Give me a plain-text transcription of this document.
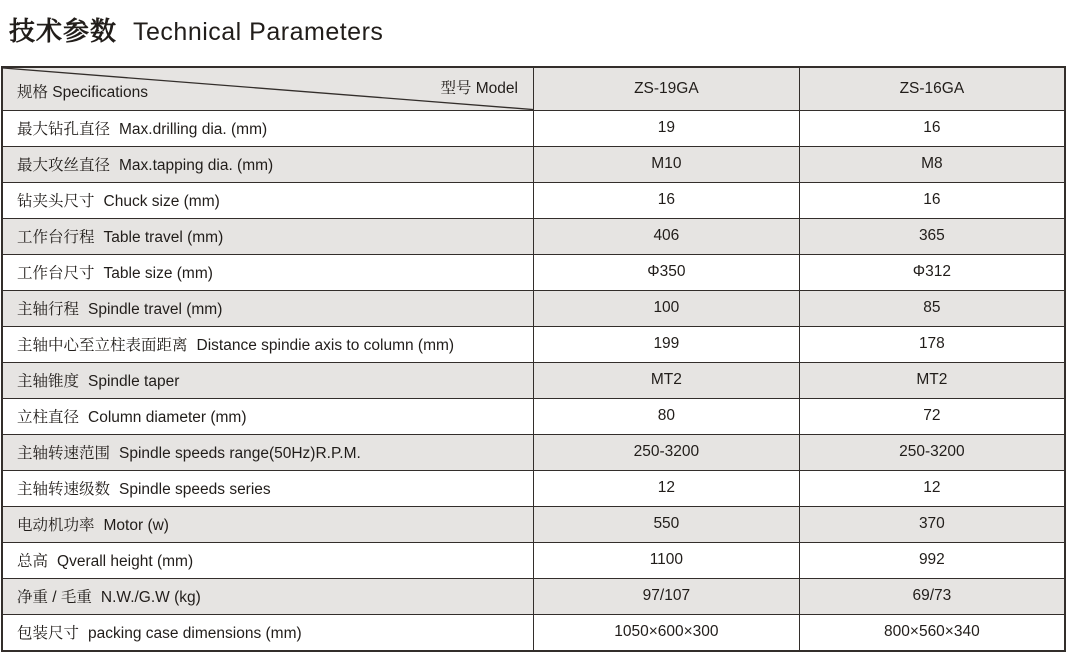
技术参数 Technical Parameters
规格 Specifications 型号 Model	ZS-19GA	ZS-16GA
最大钻孔直径 Max.drilling dia. (mm)	19	16
最大攻丝直径 Max.tapping dia. (mm)	M10	M8
钻夹头尺寸 Chuck size (mm)	16	16
工作台行程 Table travel (mm)	406	365
工作台尺寸 Table size (mm)	Φ350	Φ312
主轴行程 Spindle travel (mm)	100	85
主轴中心至立柱表面距离 Distance spindie axis to column (mm)	199	178
主轴锥度 Spindle taper	MT2	MT2
立柱直径 Column diameter (mm)	80	72
主轴转速范围 Spindle speeds range(50Hz)R.P.M.	250-3200	250-3200
主轴转速级数 Spindle speeds series	12	12
电动机功率 Motor (w)	550	370
总高 Qverall height (mm)	1100	992
净重 / 毛重 N.W./G.W (kg)	97/107	69/73
包装尺寸 packing case dimensions (mm)	1050×600×300	800×560×340
